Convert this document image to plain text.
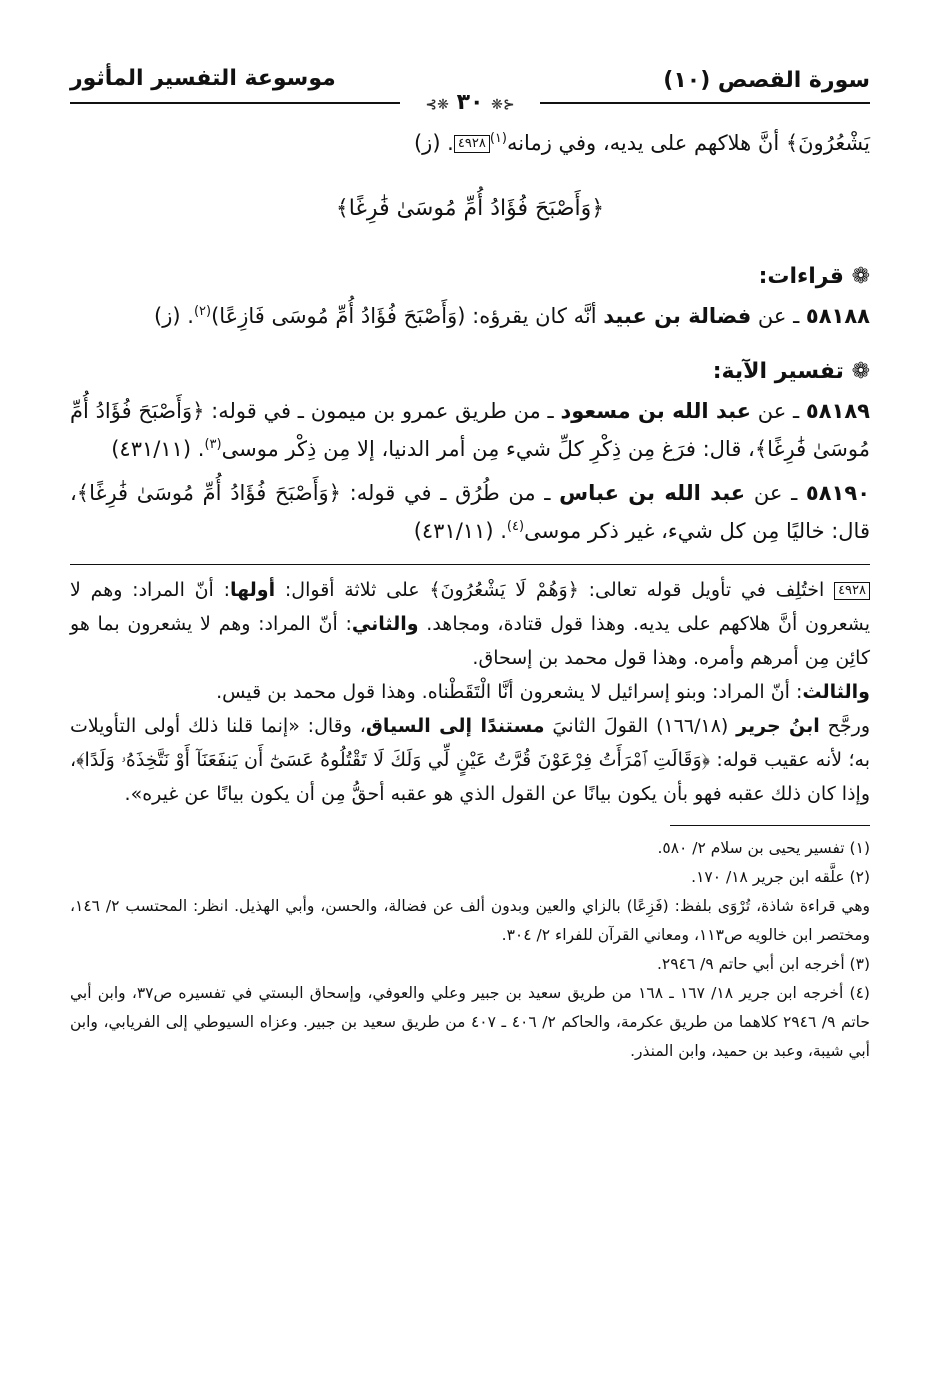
سورة القصص (١٠)
موسوعة التفسير المأثور
⊰❋ ٣٠ ❋⊱

يَشْعُرُونَ﴾ أنَّ هلاكهم على يديه، وفي زمانه$^{(١)}$٤٩٢٨. (ز)

﴿وَأَصْبَحَ فُؤَادُ أُمِّ مُوسَىٰ فَٰرِغًا﴾

❁ قراءات:

٥٨١٨٨ ـ عن فضالة بن عبيد أنَّه كان يقرؤه: (وَأَصْبَحَ فُؤَادُ أُمِّ مُوسَى فَازِعًا)$^{(٢)}$. (ز)

❁ تفسير الآية:

٥٨١٨٩ ـ عن عبد الله بن مسعود ـ من طريق عمرو بن ميمون ـ في قوله: ﴿وَأَصْبَحَ فُؤَادُ أُمِّ مُوسَىٰ فَٰرِغًا﴾، قال: فرَغ مِن ذِكْرِ كلِّ شيء مِن أمر الدنيا، إلا مِن ذِكْر موسى$^{(٣)}$. (٤٣١/١١)

٥٨١٩٠ ـ عن عبد الله بن عباس ـ من طُرُق ـ في قوله: ﴿وَأَصْبَحَ فُؤَادُ أُمِّ مُوسَىٰ فَٰرِغًا﴾، قال: خاليًا مِن كل شيء، غير ذكر موسى$^{(٤)}$. (٤٣١/١١)

٤٩٢٨ اختُلِف في تأويل قوله تعالى: ﴿وَهُمْ لَا يَشْعُرُونَ﴾ على ثلاثة أقوال: أولها: أنّ المراد: وهم لا يشعرون أنَّ هلاكهم على يديه. وهذا قول قتادة، ومجاهد. والثاني: أنّ المراد: وهم لا يشعرون بما هو كائِن مِن أمرهم وأمره. وهذا قول محمد بن إسحاق.

والثالث: أنّ المراد: وبنو إسرائيل لا يشعرون أنَّا الْتَقَطْناه. وهذا قول محمد بن قيس.

ورجَّح ابنُ جرير (١٦٦/١٨) القولَ الثانيَ مستندًا إلى السياق، وقال: «إنما قلنا ذلك أولى التأويلات به؛ لأنه عقيب قوله: ﴿وَقَالَتِ ٱمْرَأَتُ فِرْعَوْنَ قُرَّتُ عَيْنٍ لِّي وَلَكَ لَا تَقْتُلُوهُ عَسَىٰٓ أَن يَنفَعَنَآ أَوْ نَتَّخِذَهُۥ وَلَدًا﴾، وإذا كان ذلك عقبه فهو بأن يكون بيانًا عن القول الذي هو عقبه أحقُّ مِن أن يكون بيانًا عن غيره».

(١) تفسير يحيى بن سلام ٢/ ٥٨٠.

(٢) علَّقه ابن جرير ١٨/ ١٧٠.

وهي قراءة شاذة، تُرْوَى بلفظ: (فَزِعًا) بالزاي والعين وبدون ألف عن فضالة، والحسن، وأبي الهذيل. انظر: المحتسب ٢/ ١٤٦، ومختصر ابن خالويه ص١١٣، ومعاني القرآن للفراء ٢/ ٣٠٤.

(٣) أخرجه ابن أبي حاتم ٩/ ٢٩٤٦.

(٤) أخرجه ابن جرير ١٨/ ١٦٧ ـ ١٦٨ من طريق سعيد بن جبير وعلي والعوفي، وإسحاق البستي في تفسيره ص٣٧، وابن أبي حاتم ٩/ ٢٩٤٦ كلاهما من طريق عكرمة، والحاكم ٢/ ٤٠٦ ـ ٤٠٧ من طريق سعيد بن جبير. وعزاه السيوطي إلى الفريابي، وابن أبي شيبة، وعبد بن حميد، وابن المنذر.
